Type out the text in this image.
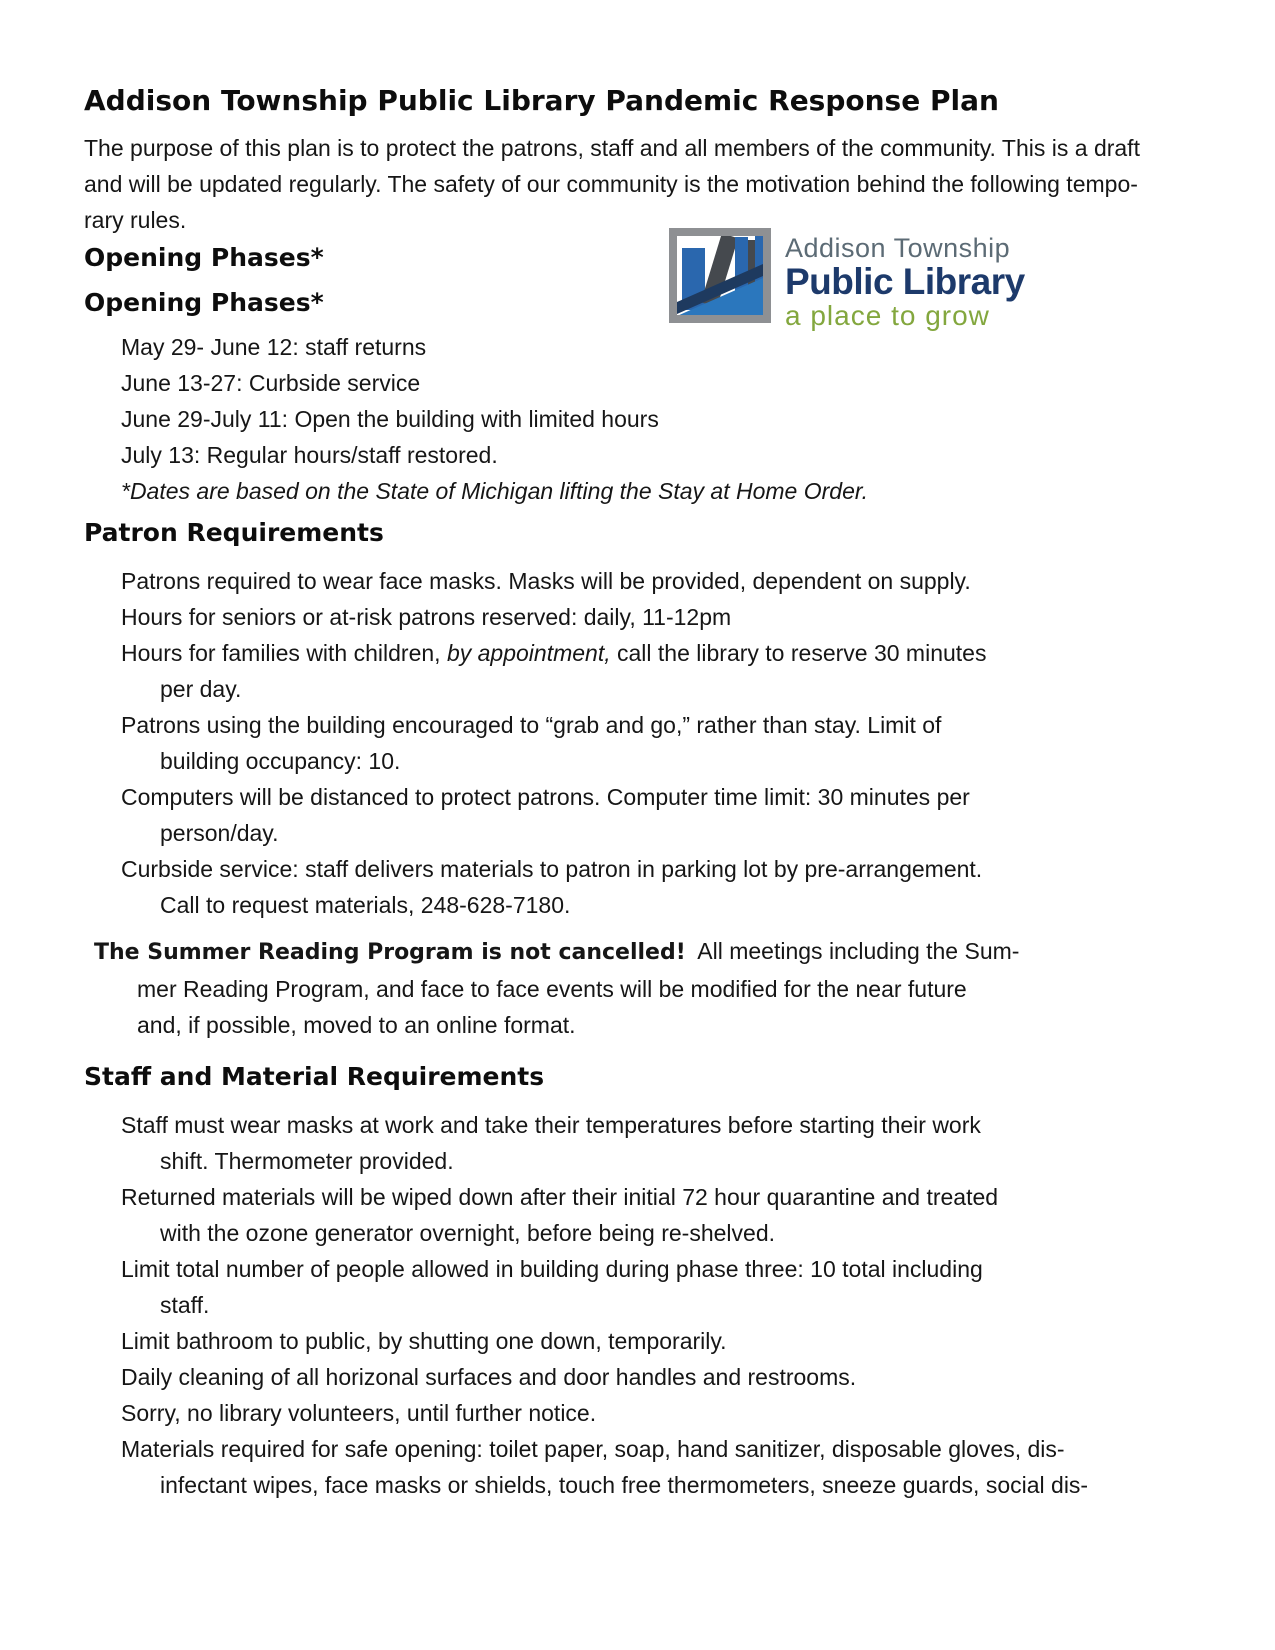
Addison Township Public Library Pandemic Response Plan
The purpose of this plan is to protect the patrons, staff and all members of the community. This is a draft
and will be updated regularly. The safety of our community is the motivation behind the following tempo-
rary rules.
Opening Phases*
Opening Phases*
May 29- June 12: staff returns
June 13-27: Curbside service
June 29-July 11: Open the building with limited hours
July 13: Regular hours/staff restored.
*Dates are based on the State of Michigan lifting the Stay at Home Order.
Addison Township
Public Library
a place to grow
Patron Requirements
Patrons required to wear face masks. Masks will be provided, dependent on supply.
Hours for seniors or at-risk patrons reserved: daily, 11-12pm
Hours for families with children, by appointment, call the library to reserve 30 minutes
per day.
Patrons using the building encouraged to “grab and go,” rather than stay. Limit of
building occupancy: 10.
Computers will be distanced to protect patrons. Computer time limit: 30 minutes per
person/day.
Curbside service: staff delivers materials to patron in parking lot by pre-arrangement.
Call to request materials, 248-628-7180.
The Summer Reading Program is not cancelled!  All meetings including the Sum-
mer Reading Program, and face to face events will be modified for the near future
and, if possible, moved to an online format.
Staff and Material Requirements
Staff must wear masks at work and take their temperatures before starting their work
shift. Thermometer provided.
Returned materials will be wiped down after their initial 72 hour quarantine and treated
with the ozone generator overnight, before being re-shelved.
Limit total number of people allowed in building during phase three: 10 total including
staff.
Limit bathroom to public, by shutting one down, temporarily.
Daily cleaning of all horizonal surfaces and door handles and restrooms.
Sorry, no library volunteers, until further notice.
Materials required for safe opening: toilet paper, soap, hand sanitizer, disposable gloves, dis-
infectant wipes, face masks or shields, touch free thermometers, sneeze guards, social dis-
